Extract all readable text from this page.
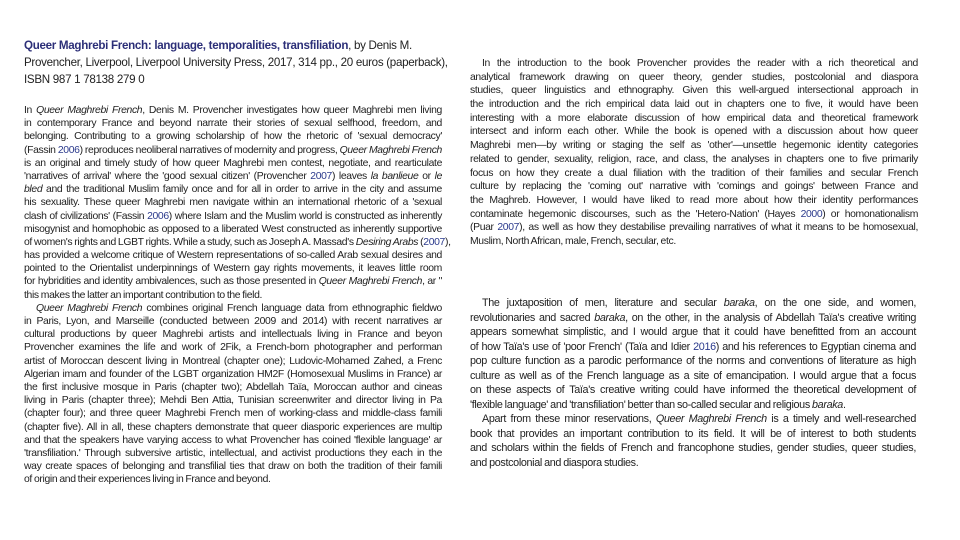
Queer Maghrebi French: language, temporalities, transfiliation, by Denis M.
Provencher, Liverpool, Liverpool University Press, 2017, 314 pp., 20 euros (paperback),
ISBN 987 1 78138 279 0
In Queer Maghrebi French, Denis M. Provencher investigates how queer Maghrebi men living
in contemporary France and beyond narrate their stories of sexual selfhood, freedom, and
belonging. Contributing to a growing scholarship of how the rhetoric of 'sexual democracy'
(Fassin 2006) reproduces neoliberal narratives of modernity and progress, Queer Maghrebi French
is an original and timely study of how queer Maghrebi men contest, negotiate, and rearticulate
'narratives of arrival' where the 'good sexual citizen' (Provencher 2007) leaves la banlieue or le
bled and the traditional Muslim family once and for all in order to arrive in the city and assume
his sexuality. These queer Maghrebi men navigate within an international rhetoric of a 'sexual
clash of civilizations' (Fassin 2006) where Islam and the Muslim world is constructed as inherently
misogynist and homophobic as opposed to a liberated West constructed as inherently supportive
of women's rights and LGBT rights. While a study, such as Joseph A. Massad's Desiring Arabs (2007),
has provided a welcome critique of Western representations of so-called Arab sexual desires and
pointed to the Orientalist underpinnings of Western gay rights movements, it leaves little room
for hybridities and identity ambivalences, such as those presented in Queer Maghrebi French, ar "
this makes the latter an important contribution to the field.
Queer Maghrebi French combines original French language data from ethnographic fieldwo
in Paris, Lyon, and Marseille (conducted between 2009 and 2014) with recent narratives ar
cultural productions by queer Maghrebi artists and intellectuals living in France and beyon
Provencher examines the life and work of 2Fik, a French-born photographer and performan
artist of Moroccan descent living in Montreal (chapter one); Ludovic-Mohamed Zahed, a Frenc
Algerian imam and founder of the LGBT organization HM2F (Homosexual Muslims in France) ar
the first inclusive mosque in Paris (chapter two); Abdellah Taïa, Moroccan author and cineas
living in Paris (chapter three); Mehdi Ben Attia, Tunisian screenwriter and director living in Pa
(chapter four); and three queer Maghrebi French men of working-class and middle-class famili
(chapter five). All in all, these chapters demonstrate that queer diasporic experiences are multip
and that the speakers have varying access to what Provencher has coined 'flexible language' ar
'transfiliation.' Through subversive artistic, intellectual, and activist productions they each in the
way create spaces of belonging and transfilial ties that draw on both the tradition of their famili
of origin and their experiences living in France and beyond.
In the introduction to the book Provencher provides the reader with a rich theoretical and
analytical framework drawing on queer theory, gender studies, postcolonial and diaspora
studies, queer linguistics and ethnography. Given this well-argued intersectional approach in
the introduction and the rich empirical data laid out in chapters one to five, it would have been
interesting with a more elaborate discussion of how empirical data and theoretical framework
intersect and inform each other. While the book is opened with a discussion about how queer
Maghrebi men—by writing or staging the self as 'other'—unsettle hegemonic identity categories
related to gender, sexuality, religion, race, and class, the analyses in chapters one to five primarily
focus on how they create a dual filiation with the tradition of their families and secular French
culture by replacing the 'coming out' narrative with 'comings and goings' between France and
the Maghreb. However, I would have liked to read more about how their identity performances
contaminate hegemonic discourses, such as the 'Hetero-Nation' (Hayes 2000) or homonationalism
(Puar 2007), as well as how they destabilise prevailing narratives of what it means to be homosexual,
Muslim, North African, male, French, secular, etc.
The juxtaposition of men, literature and secular baraka, on the one side, and women,
revolutionaries and sacred baraka, on the other, in the analysis of Abdellah Taïa's creative writing
appears somewhat simplistic, and I would argue that it could have benefitted from an account
of how Taïa's use of 'poor French' (Taïa and Idier 2016) and his references to Egyptian cinema and
pop culture function as a parodic performance of the norms and conventions of literature as high
culture as well as of the French language as a site of emancipation. I would argue that a focus
on these aspects of Taïa's creative writing could have informed the theoretical development of
'flexible language' and 'transfiliation' better than so-called secular and religious baraka.
Apart from these minor reservations, Queer Maghrebi French is a timely and well-researched
book that provides an important contribution to its field. It will be of interest to both students
and scholars within the fields of French and francophone studies, gender studies, queer studies,
and postcolonial and diaspora studies.
